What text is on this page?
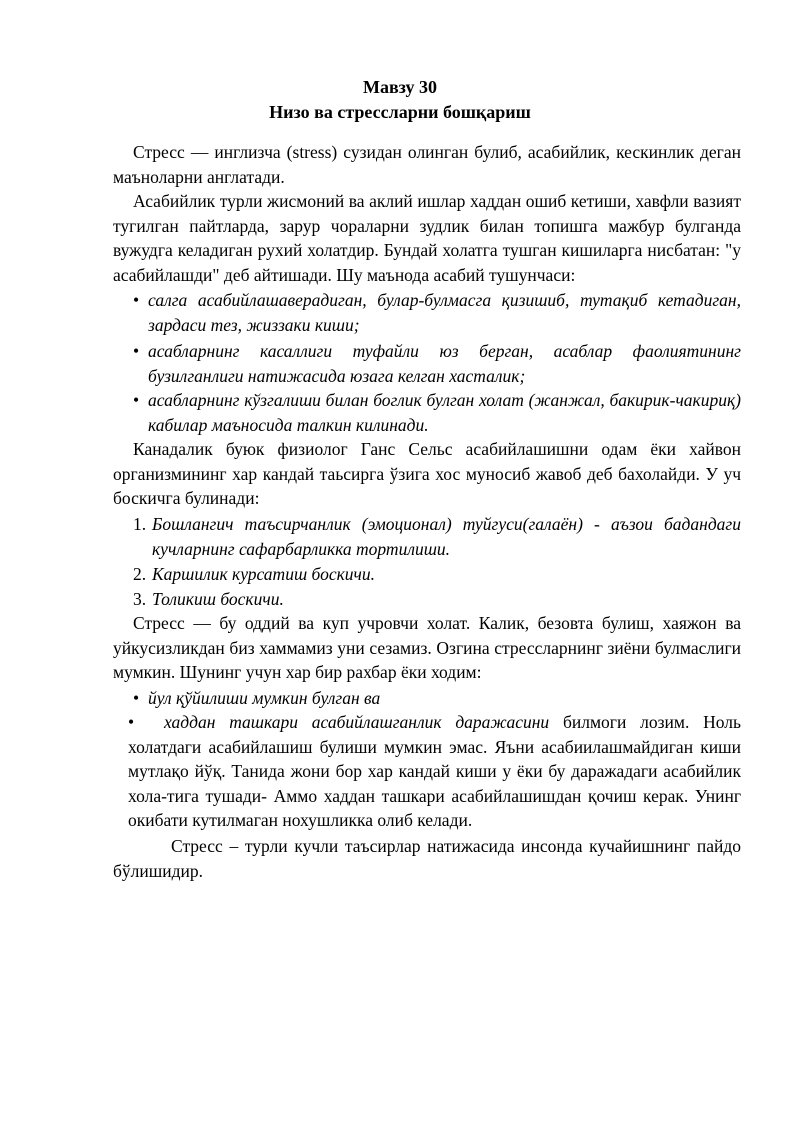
Мавзу 30
Низо ва стрессларни бошқариш

Стресс — инглизча (stress) сузидан олинган булиб, асабийлик, кескинлик деган маъноларни англатади.

Асабийлик турли жисмоний ва аклий ишлар хаддан ошиб кетиши, хавфли вазият тугилган пайтларда, зарур чораларни зудлик билан топишга мажбур булганда вужудга келадиган рухий холатдир. Бундай холатга тушган кишиларга нисбатан: "у асабийлашди" деб айтишади. Шу маънода асабий тушунчаси:

• салга асабийлашаверадиган, булар-булмасга қизишиб, тутақиб кетадиган, зардаси тез, жиззаки киши;
• асабларнинг касаллиги туфайли юз берган, асаблар фаолиятининг бузилганлиги натижасида юзага келган хасталик;
• асабларнинг кўзгалиши билан боглик булган холат (жанжал, бакирик-чакириқ) кабилар маъносида талкин килинади.

Канадалик буюк физиолог Ганс Сельс асабийлашишни одам ёки хайвон организмининг хар кандай таьсирга ўзига хос муносиб жавоб деб бахолайди. У уч боскичга булинади:

1. Бошлангич таъсирчанлик (эмоционал) туйгуси(галаён) - аъзои бадандаги кучларнинг сафарбарликка тортилиши.
2. Каршилик курсатиш боскичи.
3. Толикиш боскичи.

Стресс — бу оддий ва куп учровчи холат. Калик, безовта булиш, хаяжон ва уйкусизликдан биз хаммамиз уни сезамиз. Озгина стрессларнинг зиёни булмаслиги мумкин. Шунинг учун хар бир рахбар ёки ходим:

• йул қўйилиши мумкин булган ва
• хаддан ташкари асабийлашганлик даражасини билмоги лозим. Ноль холатдаги асабийлашиш булиши мумкин эмас. Яъни асабиилашмайдиган киши мутлақо йўқ. Танида жони бор хар кандай киши у ёки бу даражадаги асабийлик хола-тига тушади- Аммо хаддан ташкари асабийлашишдан қочиш керак. Унинг окибати кутилмаган нохушликка олиб келади.

Стресс – турли кучли таъсирлар натижасида инсонда кучайишнинг пайдо бўлишидир.
